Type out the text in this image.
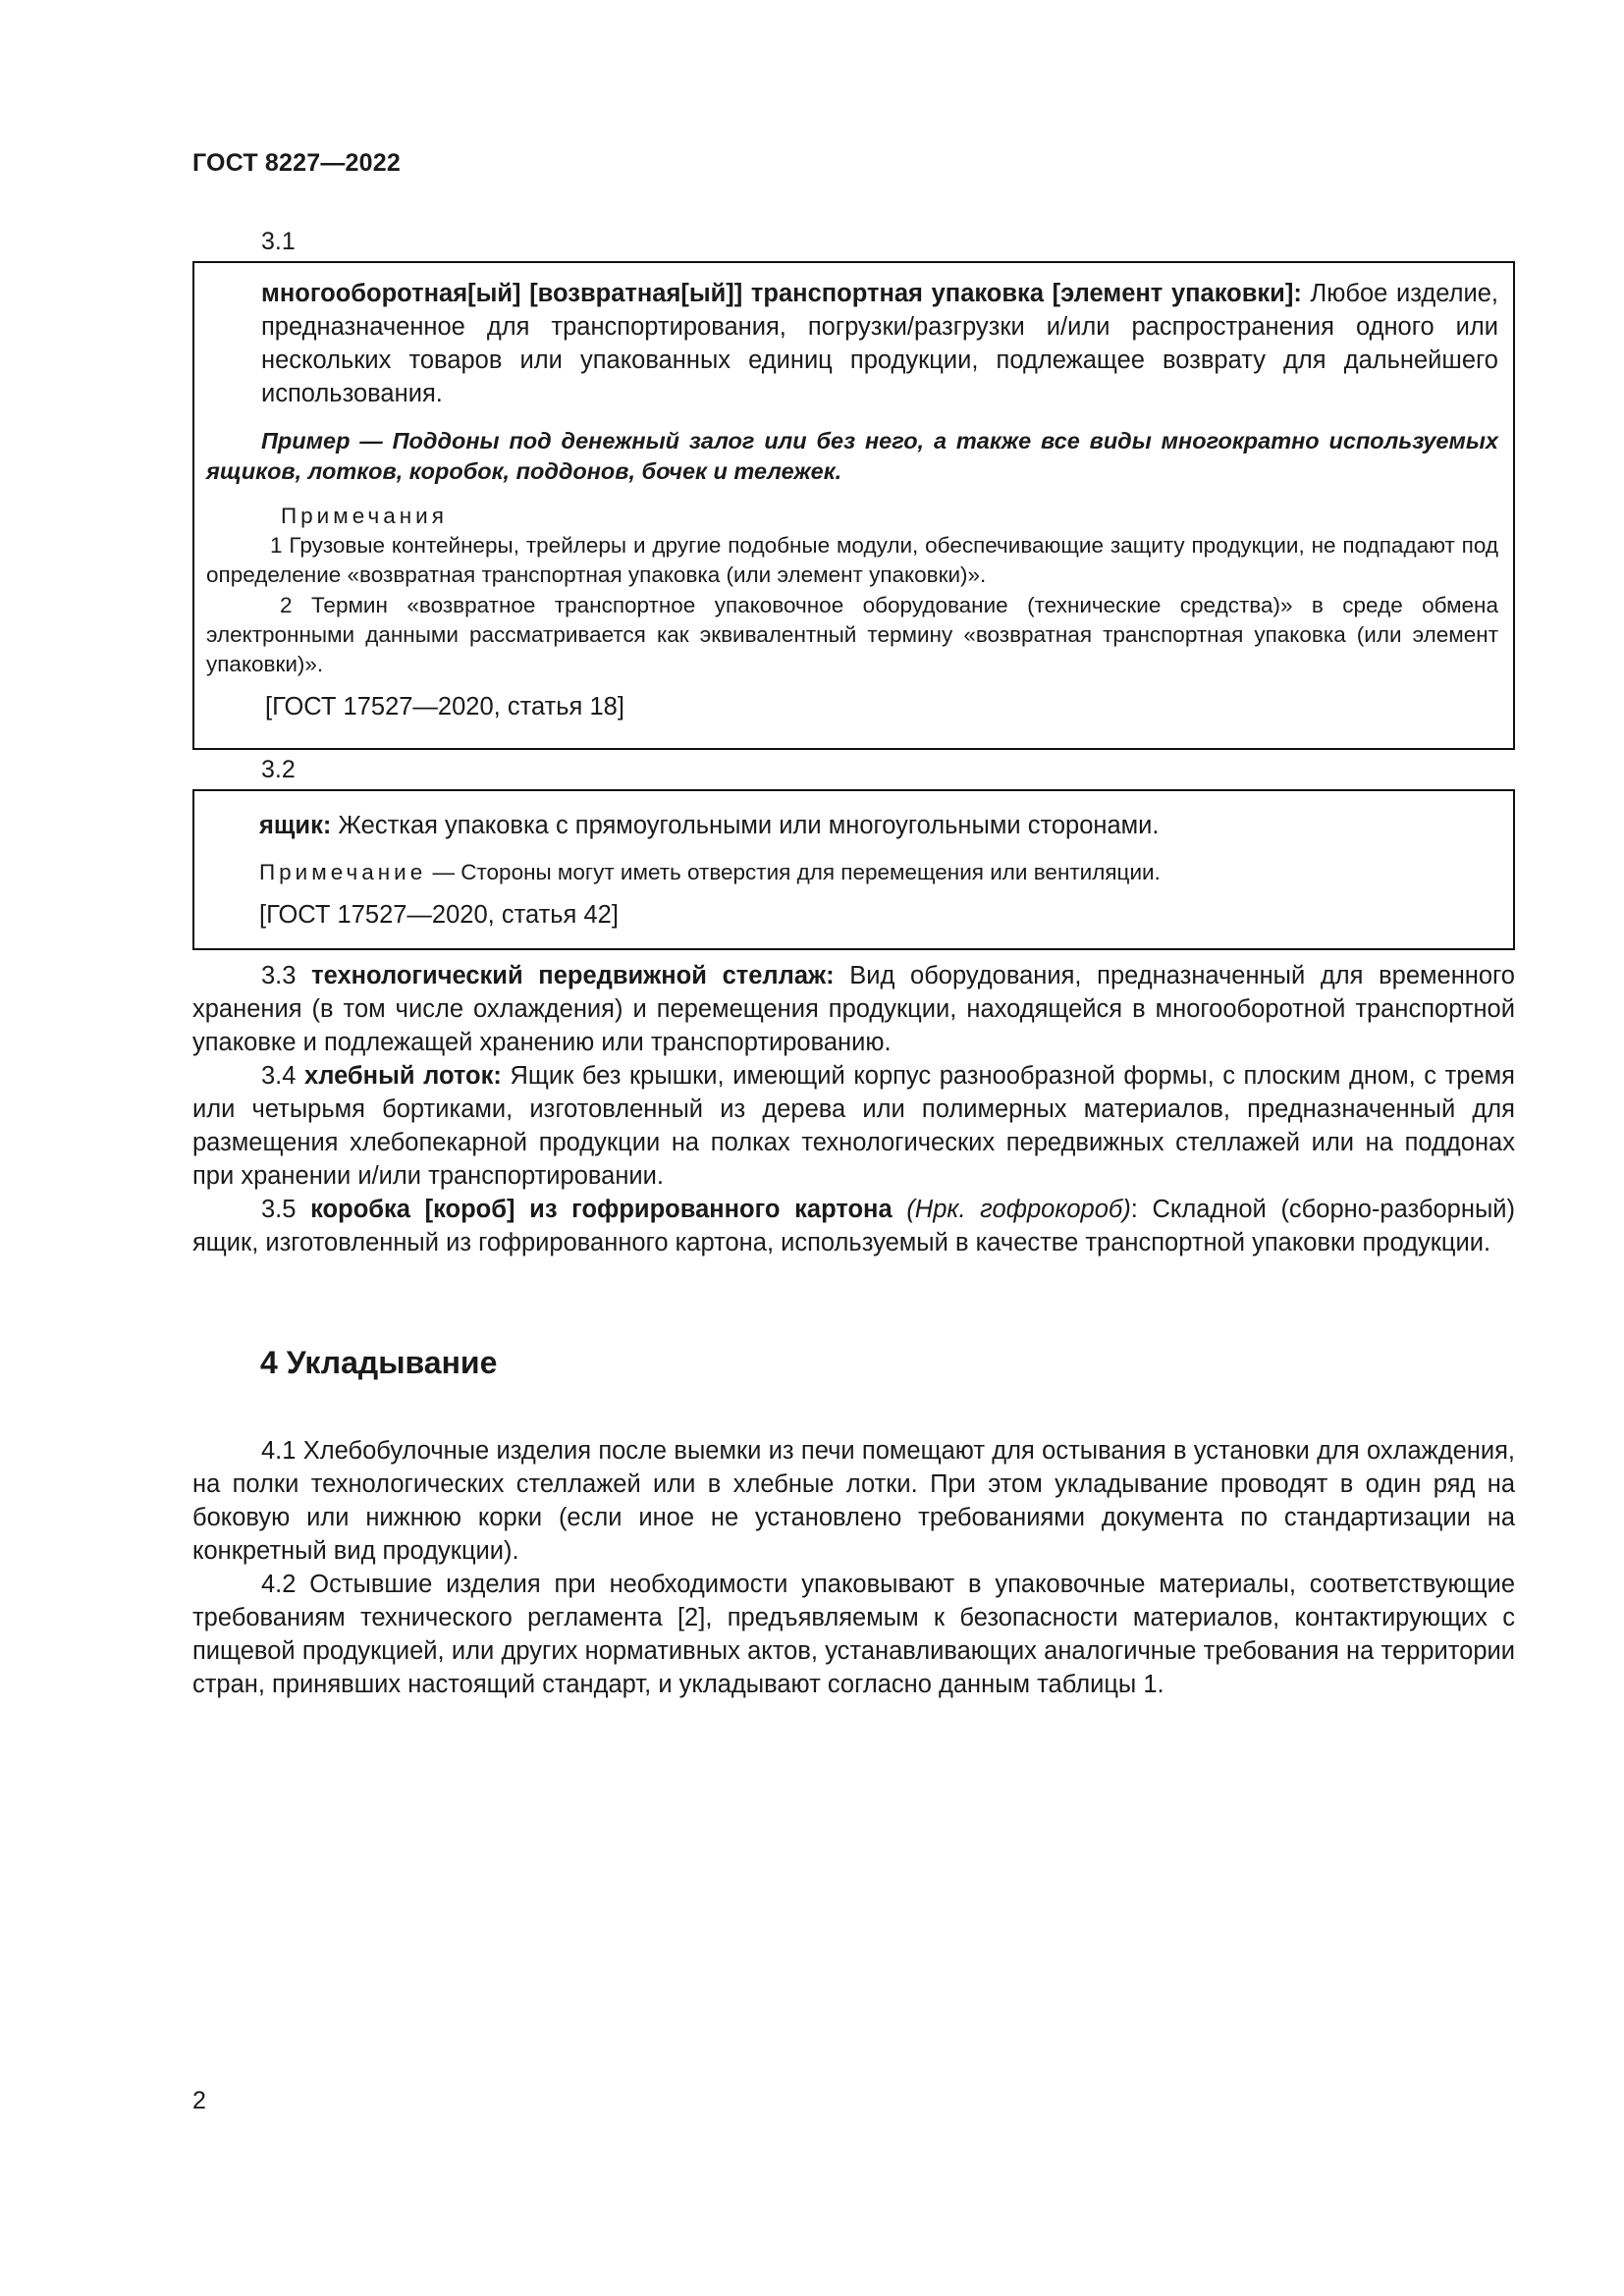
ГОСТ 8227—2022
3.1
многооборотная[ый] [возвратная[ый]] транспортная упаковка [элемент упаковки]: Любое изделие, предназначенное для транспортирования, погрузки/разгрузки и/или распространения одного или нескольких товаров или упакованных единиц продукции, подлежащее возврату для дальнейшего использования.
Пример — Поддоны под денежный залог или без него, а также все виды многократно используемых ящиков, лотков, коробок, поддонов, бочек и тележек.
Примечания
1 Грузовые контейнеры, трейлеры и другие подобные модули, обеспечивающие защиту продукции, не подпадают под определение «возвратная транспортная упаковка (или элемент упаковки)».
2 Термин «возвратное транспортное упаковочное оборудование (технические средства)» в среде обмена электронными данными рассматривается как эквивалентный термину «возвратная транспортная упаковка (или элемент упаковки)».
[ГОСТ 17527—2020, статья 18]
3.2
ящик: Жесткая упаковка с прямоугольными или многоугольными сторонами.
Примечание — Стороны могут иметь отверстия для перемещения или вентиляции.
[ГОСТ 17527—2020, статья 42]
3.3 технологический передвижной стеллаж: Вид оборудования, предназначенный для временного хранения (в том числе охлаждения) и перемещения продукции, находящейся в многооборотной транспортной упаковке и подлежащей хранению или транспортированию.
3.4 хлебный лоток: Ящик без крышки, имеющий корпус разнообразной формы, с плоским дном, с тремя или четырьмя бортиками, изготовленный из дерева или полимерных материалов, предназначенный для размещения хлебопекарной продукции на полках технологических передвижных стеллажей или на поддонах при хранении и/или транспортировании.
3.5 коробка [короб] из гофрированного картона (Нрк. гофрокороб): Складной (сборно-разборный) ящик, изготовленный из гофрированного картона, используемый в качестве транспортной упаковки продукции.
4 Укладывание
4.1 Хлебобулочные изделия после выемки из печи помещают для остывания в установки для охлаждения, на полки технологических стеллажей или в хлебные лотки. При этом укладывание проводят в один ряд на боковую или нижнюю корки (если иное не установлено требованиями документа по стандартизации на конкретный вид продукции).
4.2 Остывшие изделия при необходимости упаковывают в упаковочные материалы, соответствующие требованиям технического регламента [2], предъявляемым к безопасности материалов, контактирующих с пищевой продукцией, или других нормативных актов, устанавливающих аналогичные требования на территории стран, принявших настоящий стандарт, и укладывают согласно данным таблицы 1.
2
